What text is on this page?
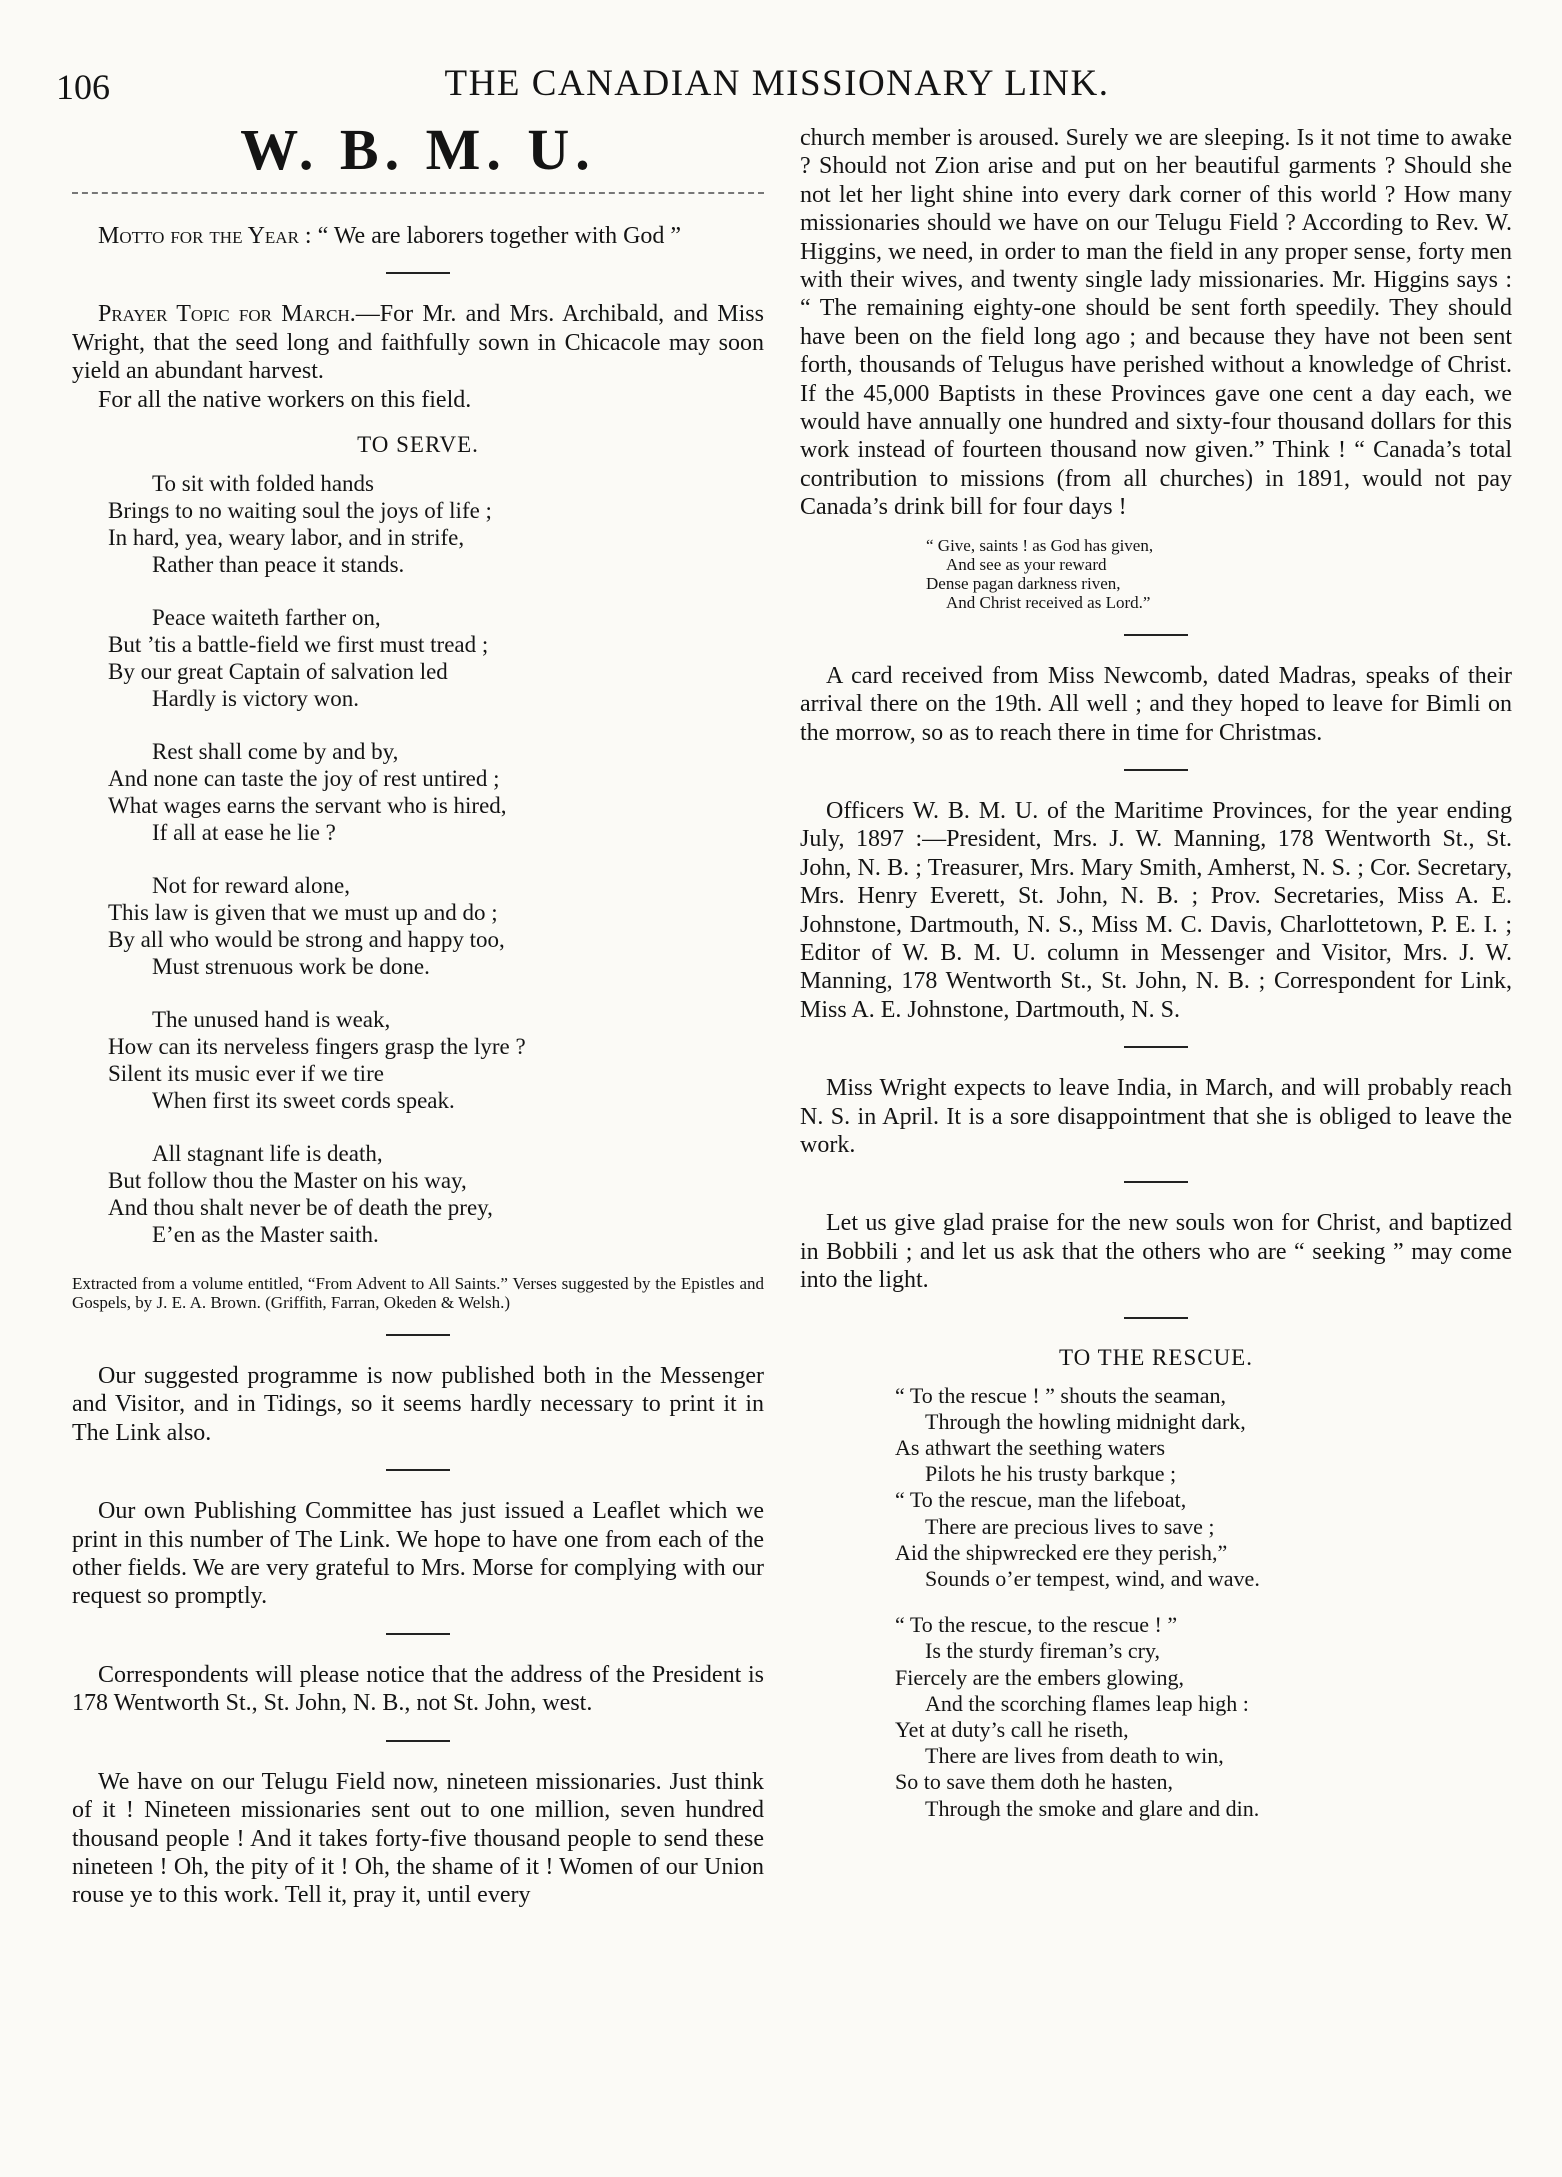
106	THE CANADIAN MISSIONARY LINK.
W. B. M. U.

Motto for the Year : “ We are laborers together with God ”

Prayer Topic for March.—For Mr. and Mrs. Archibald, and Miss Wright, that the seed long and faithfully sown in Chicacole may soon yield an abundant harvest.

For all the native workers on this field.

TO SERVE.
To sit with folded hands
Brings to no waiting soul the joys of life ;
In hard, yea, weary labor, and in strife,
Rather than peace it stands.
Peace waiteth farther on,
But ’tis a battle-field we first must tread ;
By our great Captain of salvation led
Hardly is victory won.
Rest shall come by and by,
And none can taste the joy of rest untired ;
What wages earns the servant who is hired,
If all at ease he lie ?
Not for reward alone,
This law is given that we must up and do ;
By all who would be strong and happy too,
Must strenuous work be done.
The unused hand is weak,
How can its nerveless fingers grasp the lyre ?
Silent its music ever if we tire
When first its sweet cords speak.
All stagnant life is death,
But follow thou the Master on his way,
And thou shalt never be of death the prey,
E’en as the Master saith.
Extracted from a volume entitled, “From Advent to All Saints.” Verses suggested by the Epistles and Gospels, by J. E. A. Brown. (Griffith, Farran, Okeden & Welsh.)

Our suggested programme is now published both in the Messenger and Visitor, and in Tidings, so it seems hardly necessary to print it in The Link also.

Our own Publishing Committee has just issued a Leaflet which we print in this number of The Link. We hope to have one from each of the other fields. We are very grateful to Mrs. Morse for complying with our request so promptly.

Correspondents will please notice that the address of the President is 178 Wentworth St., St. John, N. B., not St. John, west.

We have on our Telugu Field now, nineteen missionaries. Just think of it ! Nineteen missionaries sent out to one million, seven hundred thousand people ! And it takes forty-five thousand people to send these nineteen ! Oh, the pity of it ! Oh, the shame of it ! Women of our Union rouse ye to this work. Tell it, pray it, until every

church member is aroused. Surely we are sleeping. Is it not time to awake ? Should not Zion arise and put on her beautiful garments ? Should she not let her light shine into every dark corner of this world ? How many missionaries should we have on our Telugu Field ? According to Rev. W. Higgins, we need, in order to man the field in any proper sense, forty men with their wives, and twenty single lady missionaries. Mr. Higgins says : “ The remaining eighty-one should be sent forth speedily. They should have been on the field long ago ; and because they have not been sent forth, thousands of Telugus have perished without a knowledge of Christ. If the 45,000 Baptists in these Provinces gave one cent a day each, we would have annually one hundred and sixty-four thousand dollars for this work instead of fourteen thousand now given.” Think ! “ Canada’s total contribution to missions (from all churches) in 1891, would not pay Canada’s drink bill for four days !

“ Give, saints ! as God has given,
And see as your reward
Dense pagan darkness riven,
And Christ received as Lord.”

A card received from Miss Newcomb, dated Madras, speaks of their arrival there on the 19th. All well ; and they hoped to leave for Bimli on the morrow, so as to reach there in time for Christmas.

Officers W. B. M. U. of the Maritime Provinces, for the year ending July, 1897 :—President, Mrs. J. W. Manning, 178 Wentworth St., St. John, N. B. ; Treasurer, Mrs. Mary Smith, Amherst, N. S. ; Cor. Secretary, Mrs. Henry Everett, St. John, N. B. ; Prov. Secretaries, Miss A. E. Johnstone, Dartmouth, N. S., Miss M. C. Davis, Charlottetown, P. E. I. ; Editor of W. B. M. U. column in Messenger and Visitor, Mrs. J. W. Manning, 178 Wentworth St., St. John, N. B. ; Correspondent for Link, Miss A. E. Johnstone, Dartmouth, N. S.

Miss Wright expects to leave India, in March, and will probably reach N. S. in April. It is a sore disappointment that she is obliged to leave the work.

Let us give glad praise for the new souls won for Christ, and baptized in Bobbili ; and let us ask that the others who are “ seeking ” may come into the light.

TO THE RESCUE.
“ To the rescue ! ” shouts the seaman,
Through the howling midnight dark,
As athwart the seething waters
Pilots he his trusty barkque ;
“ To the rescue, man the lifeboat,
There are precious lives to save ;
Aid the shipwrecked ere they perish,”
Sounds o’er tempest, wind, and wave.
“ To the rescue, to the rescue ! ”
Is the sturdy fireman’s cry,
Fiercely are the embers glowing,
And the scorching flames leap high :
Yet at duty’s call he riseth,
There are lives from death to win,
So to save them doth he hasten,
Through the smoke and glare and din.
